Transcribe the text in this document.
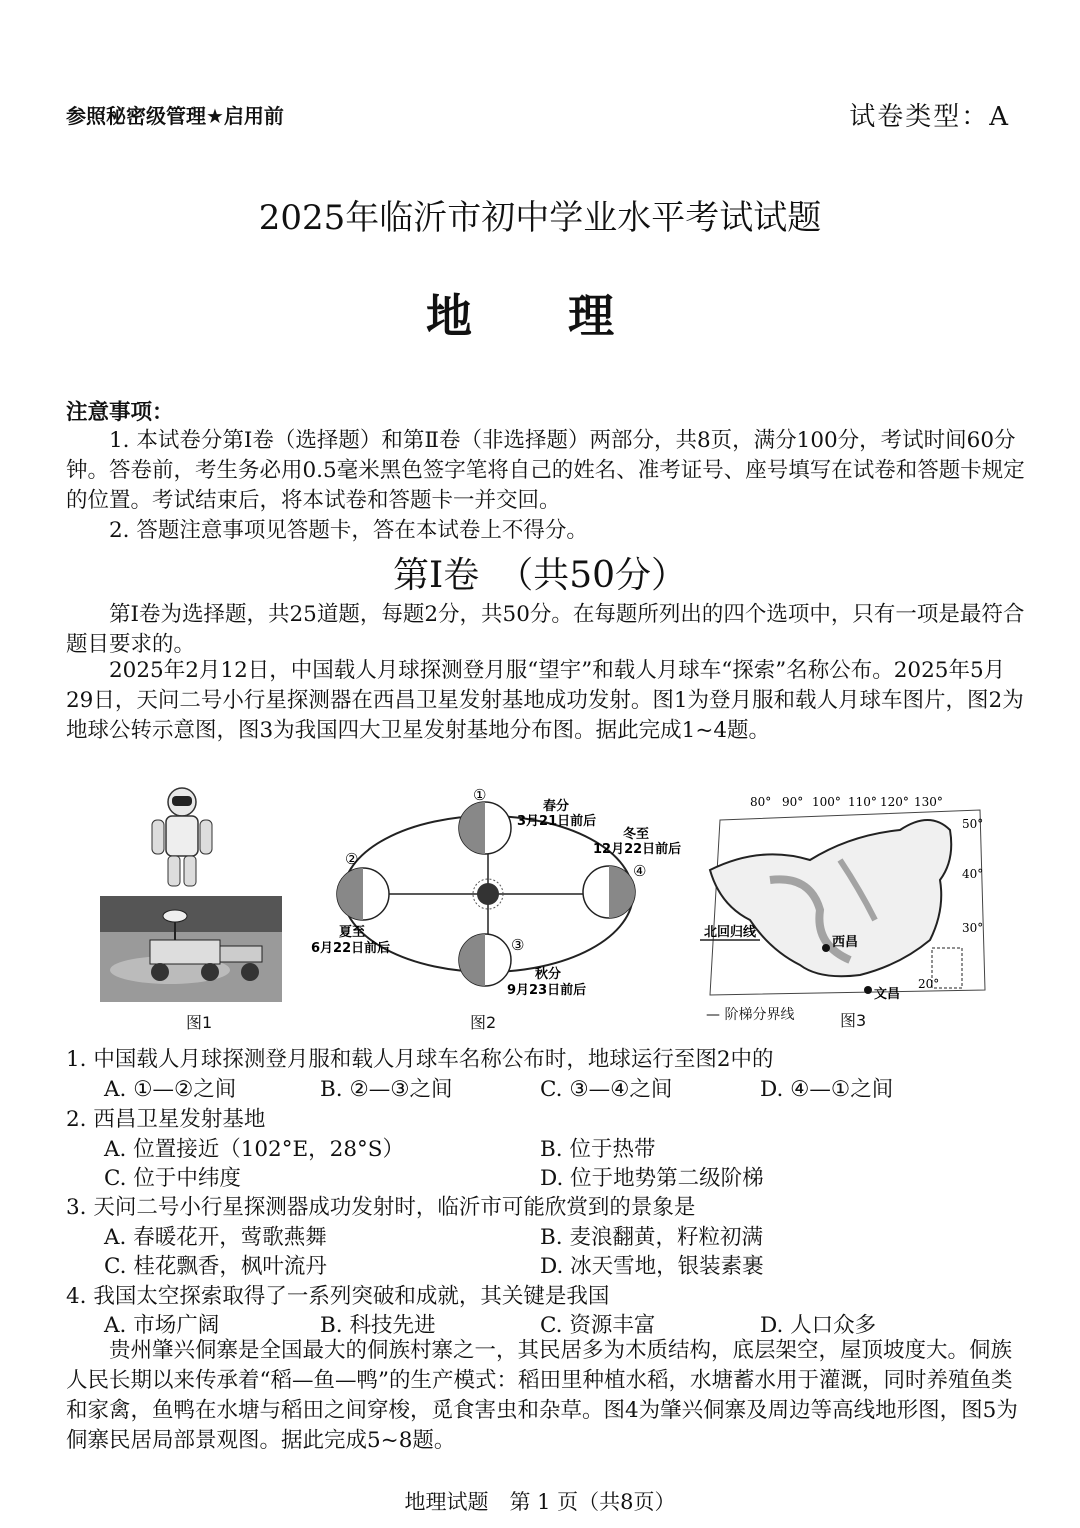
参照秘密级管理★启用前	试卷类型：A
2025年临沂市初中学业水平考试试题
地 理
注意事项：
1. 本试卷分第Ⅰ卷（选择题）和第Ⅱ卷（非选择题）两部分，共8页，满分100分，考试时间60分钟。答卷前，考生务必用0.5毫米黑色签字笔将自己的姓名、准考证号、座号填写在试卷和答题卡规定的位置。考试结束后，将本试卷和答题卡一并交回。
2. 答题注意事项见答题卡，答在本试卷上不得分。
第Ⅰ卷　（共50分）
第Ⅰ卷为选择题，共25道题，每题2分，共50分。在每题所列出的四个选项中，只有一项是最符合题目要求的。
2025年2月12日，中国载人月球探测登月服“望宇”和载人月球车“探索”名称公布。2025年5月29日，天问二号小行星探测器在西昌卫星发射基地成功发射。图1为登月服和载人月球车图片，图2为地球公转示意图，图3为我国四大卫星发射基地分布图。据此完成1~4题。
图1
①
②
③
④
春分
3月21日前后
冬至
12月22日前后
夏至
6月22日前后
秋分
9月23日前后
图2
80° 90° 100° 110° 120° 130°
50°
40°
30°
20°
北回归线
西昌
文昌
— 阶梯分界线	图3
1. 中国载人月球探测登月服和载人月球车名称公布时，地球运行至图2中的
A. ①—②之间	B. ②—③之间	C. ③—④之间	D. ④—①之间
2. 西昌卫星发射基地
A. 位置接近（102°E，28°S）	B. 位于热带
C. 位于中纬度	D. 位于地势第二级阶梯
3. 天问二号小行星探测器成功发射时，临沂市可能欣赏到的景象是
A. 春暖花开，莺歌燕舞	B. 麦浪翻黄，籽粒初满
C. 桂花飘香，枫叶流丹	D. 冰天雪地，银装素裹
4. 我国太空探索取得了一系列突破和成就，其关键是我国
A. 市场广阔	B. 科技先进	C. 资源丰富	D. 人口众多
贵州肇兴侗寨是全国最大的侗族村寨之一，其民居多为木质结构，底层架空，屋顶坡度大。侗族人民长期以来传承着“稻—鱼—鸭”的生产模式：稻田里种植水稻，水塘蓄水用于灌溉，同时养殖鱼类和家禽，鱼鸭在水塘与稻田之间穿梭，觅食害虫和杂草。图4为肇兴侗寨及周边等高线地形图，图5为侗寨民居局部景观图。据此完成5~8题。
地理试题　第 1 页（共8页）
